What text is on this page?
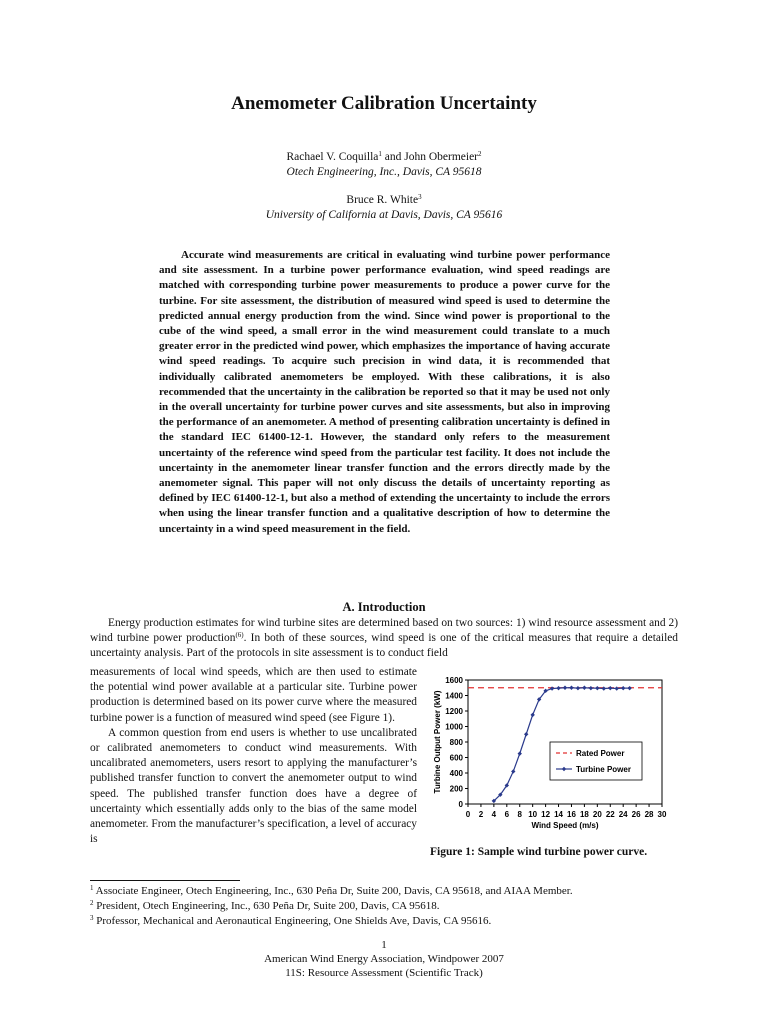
Anemometer Calibration Uncertainty
Rachael V. Coquilla$^1$ and John Obermeier$^2$
Otech Engineering, Inc., Davis, CA 95618
Bruce R. White$^3$
University of California at Davis, Davis, CA 95616
Accurate wind measurements are critical in evaluating wind turbine power performance and site assessment. In a turbine power performance evaluation, wind speed readings are matched with corresponding turbine power measurements to produce a power curve for the turbine. For site assessment, the distribution of measured wind speed is used to determine the predicted annual energy production from the wind. Since wind power is proportional to the cube of the wind speed, a small error in the wind measurement could translate to a much greater error in the predicted wind power, which emphasizes the importance of having accurate wind speed readings. To acquire such precision in wind data, it is recommended that individually calibrated anemometers be employed. With these calibrations, it is also recommended that the uncertainty in the calibration be reported so that it may be used not only in the overall uncertainty for turbine power curves and site assessments, but also in improving the performance of an anemometer. A method of presenting calibration uncertainty is defined in the standard IEC 61400-12-1. However, the standard only refers to the measurement uncertainty of the reference wind speed from the particular test facility. It does not include the uncertainty in the anemometer linear transfer function and the errors directly made by the anemometer signal. This paper will not only discuss the details of uncertainty reporting as defined by IEC 61400-12-1, but also a method of extending the uncertainty to include the errors when using the linear transfer function and a qualitative description of how to determine the uncertainty in a wind speed measurement in the field.
A. Introduction
Energy production estimates for wind turbine sites are determined based on two sources: 1) wind resource assessment and 2) wind turbine power production$^{(6)}$. In both of these sources, wind speed is one of the critical measures that require a detailed uncertainty analysis. Part of the protocols in site assessment is to conduct field

measurements of local wind speeds, which are then used to estimate the potential wind power available at a particular site. Turbine power production is determined based on its power curve where the measured turbine power is a function of measured wind speed (see Figure 1).

A common question from end users is whether to use uncalibrated or calibrated anemometers to conduct wind measurements. With uncalibrated anemometers, users resort to applying the manufacturer’s published transfer function to convert the anemometer output to wind speed. The published transfer function does have a degree of uncertainty which essentially adds only to the bias of the same model anemometer. From the manufacturer’s specification, a level of accuracy is

0
200
400
600
800
1000
1200
1400
1600
0 2 4 6 8 10 12 14 16 18 20 22 24 26 28 30
Wind Speed (m/s)
Turbine Output Power (kW)	Rated Power
Turbine Power
Figure 1: Sample wind turbine power curve.
$^1$ Associate Engineer, Otech Engineering, Inc., 630 Peña Dr, Suite 200, Davis, CA 95618, and AIAA Member.
$^2$ President, Otech Engineering, Inc., 630 Peña Dr, Suite 200, Davis, CA 95618.
$^3$ Professor, Mechanical and Aeronautical Engineering, One Shields Ave, Davis, CA 95616.
1
American Wind Energy Association, Windpower 2007
11S: Resource Assessment (Scientific Track)
